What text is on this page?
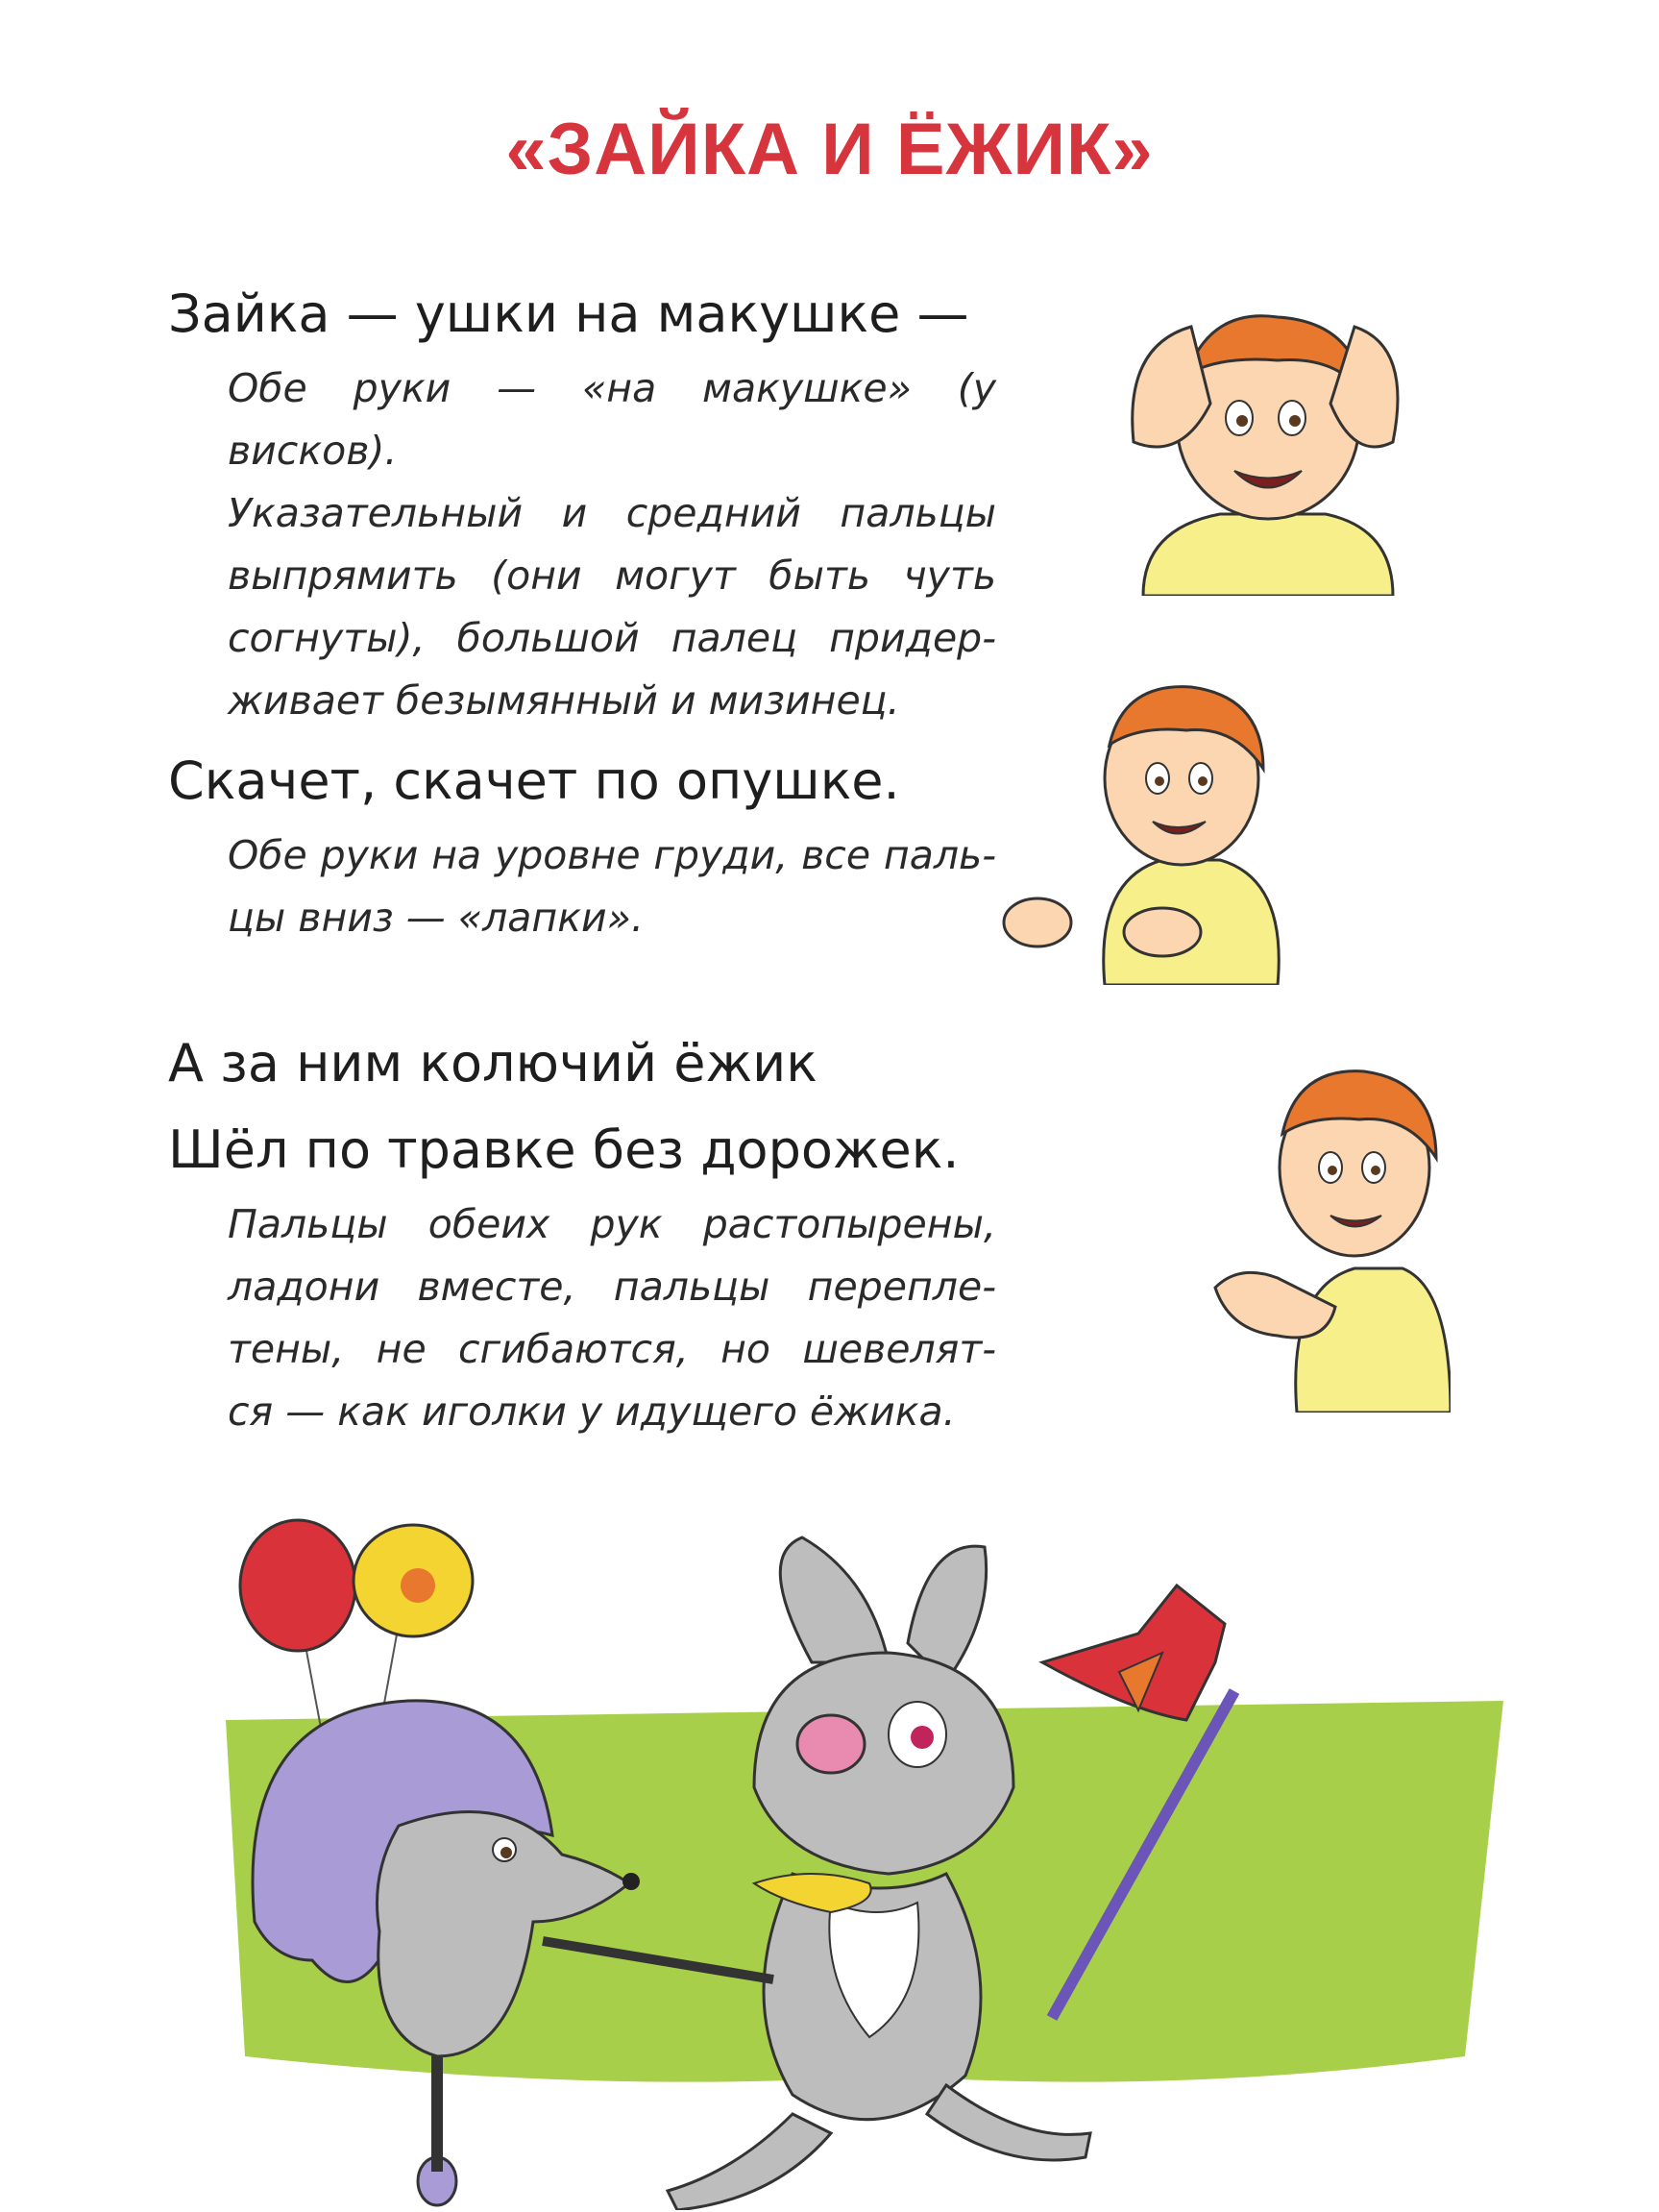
«ЗАЙКА И ЁЖИК»
Зайка — ушки на макушке —
Обе руки — «на макушке» (у висков).
Указательный и средний пальцы
выпрямить (они могут быть чуть
согнуты), большой палец придер-
живает безымянный и мизинец.
Скачет, скачет по опушке.
Обе руки на уровне груди, все паль-
цы вниз — «лапки».
А за ним колючий ёжик
Шёл по травке без дорожек.
Пальцы обеих рук растопырены,
ладони вместе, пальцы переплe-
тены, не сгибаются, но шевелят-
ся — как иголки у идущего ёжика.
